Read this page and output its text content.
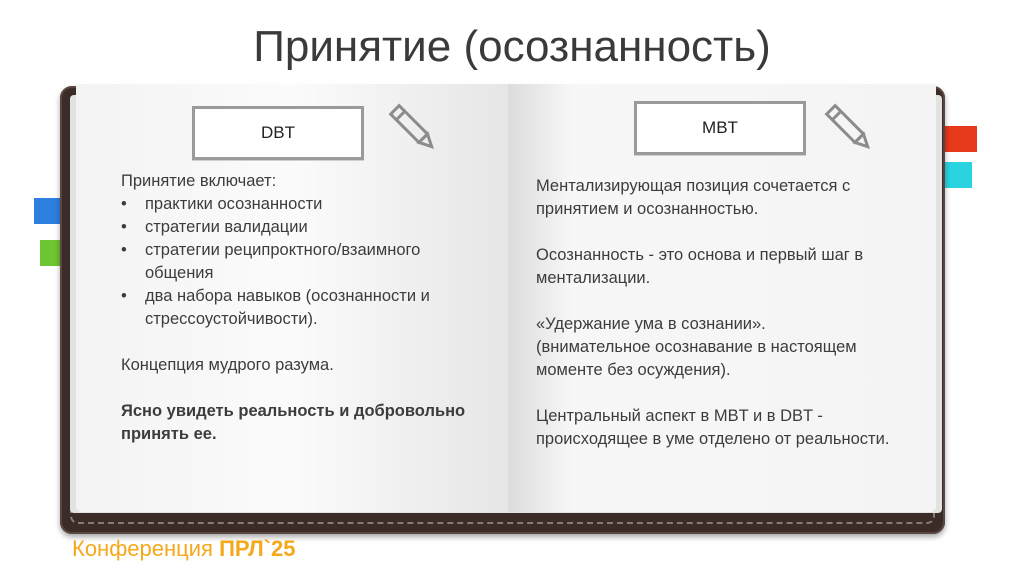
Принятие (осознанность)
DBT

Принятие включает:

• практики осознанности
• стратегии валидации
• стратегии реципроктного/взаимного общения
• два набора навыков (осознанности и стрессоустойчивости).

Концепция мудрого разума.

Ясно увидеть реальность и добровольно принять ее.

MBT

Ментализирующая позиция сочетается с принятием и осознанностью.

Осознанность - это основа и первый шаг в ментализации.

«Удержание ума в сознании».

(внимательное осознавание в настоящем моменте без осуждения).

Центральный аспект в MBT и в DBT - происходящее в уме отделено от реальности.

Конференция ПРЛ`25
